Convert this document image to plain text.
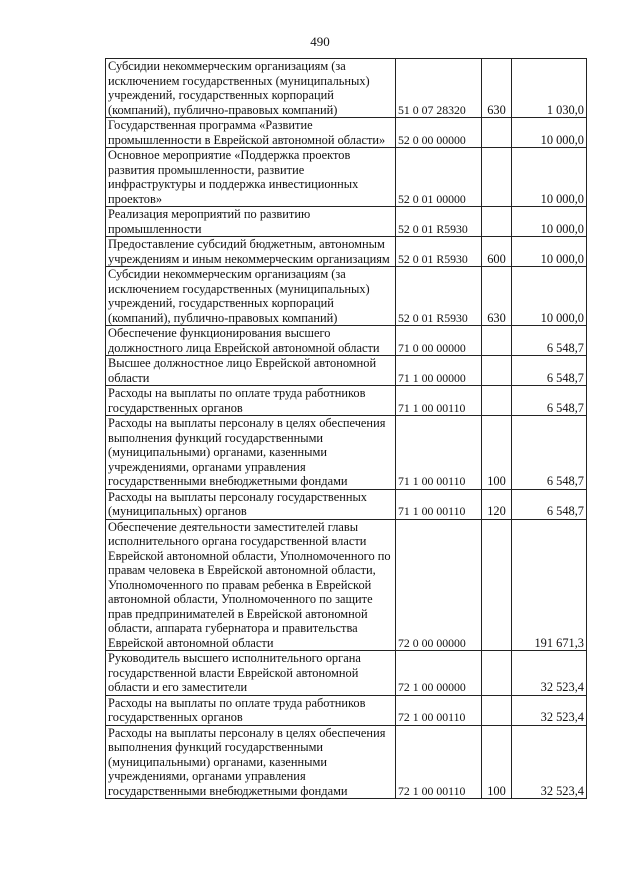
490
Субсидии некоммерческим организациям (за исключением государственных (муниципальных) учреждений, государственных корпораций (компаний), публично-правовых компаний)	51 0 07 28320	630	1 030,0
Государственная программа «Развитие промышленности в Еврейской автономной области»	52 0 00 00000		10 000,0
Основное мероприятие «Поддержка проектов развития промышленности, развитие инфраструктуры и поддержка инвестиционных проектов»	52 0 01 00000		10 000,0
Реализация мероприятий по развитию промышленности	52 0 01 R5930		10 000,0
Предоставление субсидий бюджетным, автономным учреждениям и иным некоммерческим организациям	52 0 01 R5930	600	10 000,0
Субсидии некоммерческим организациям (за исключением государственных (муниципальных) учреждений, государственных корпораций (компаний), публично-правовых компаний)	52 0 01 R5930	630	10 000,0
Обеспечение функционирования высшего должностного лица Еврейской автономной области	71 0 00 00000		6 548,7
Высшее должностное лицо Еврейской автономной области	71 1 00 00000		6 548,7
Расходы на выплаты по оплате труда работников государственных органов	71 1 00 00110		6 548,7
Расходы на выплаты персоналу в целях обеспечения выполнения функций государственными (муниципальными) органами, казенными учреждениями, органами управления государственными внебюджетными фондами	71 1 00 00110	100	6 548,7
Расходы на выплаты персоналу государственных (муниципальных) органов	71 1 00 00110	120	6 548,7
Обеспечение деятельности заместителей главы исполнительного органа государственной власти Еврейской автономной области, Уполномоченного по правам человека в Еврейской автономной области, Уполномоченного по правам ребенка в Еврейской автономной области, Уполномоченного по защите прав предпринимателей в Еврейской автономной области, аппарата губернатора и правительства Еврейской автономной области	72 0 00 00000		191 671,3
Руководитель высшего исполнительного органа государственной власти Еврейской автономной области и его заместители	72 1 00 00000		32 523,4
Расходы на выплаты по оплате труда работников государственных органов	72 1 00 00110		32 523,4
Расходы на выплаты персоналу в целях обеспечения выполнения функций государственными (муниципальными) органами, казенными учреждениями, органами управления государственными внебюджетными фондами	72 1 00 00110	100	32 523,4
